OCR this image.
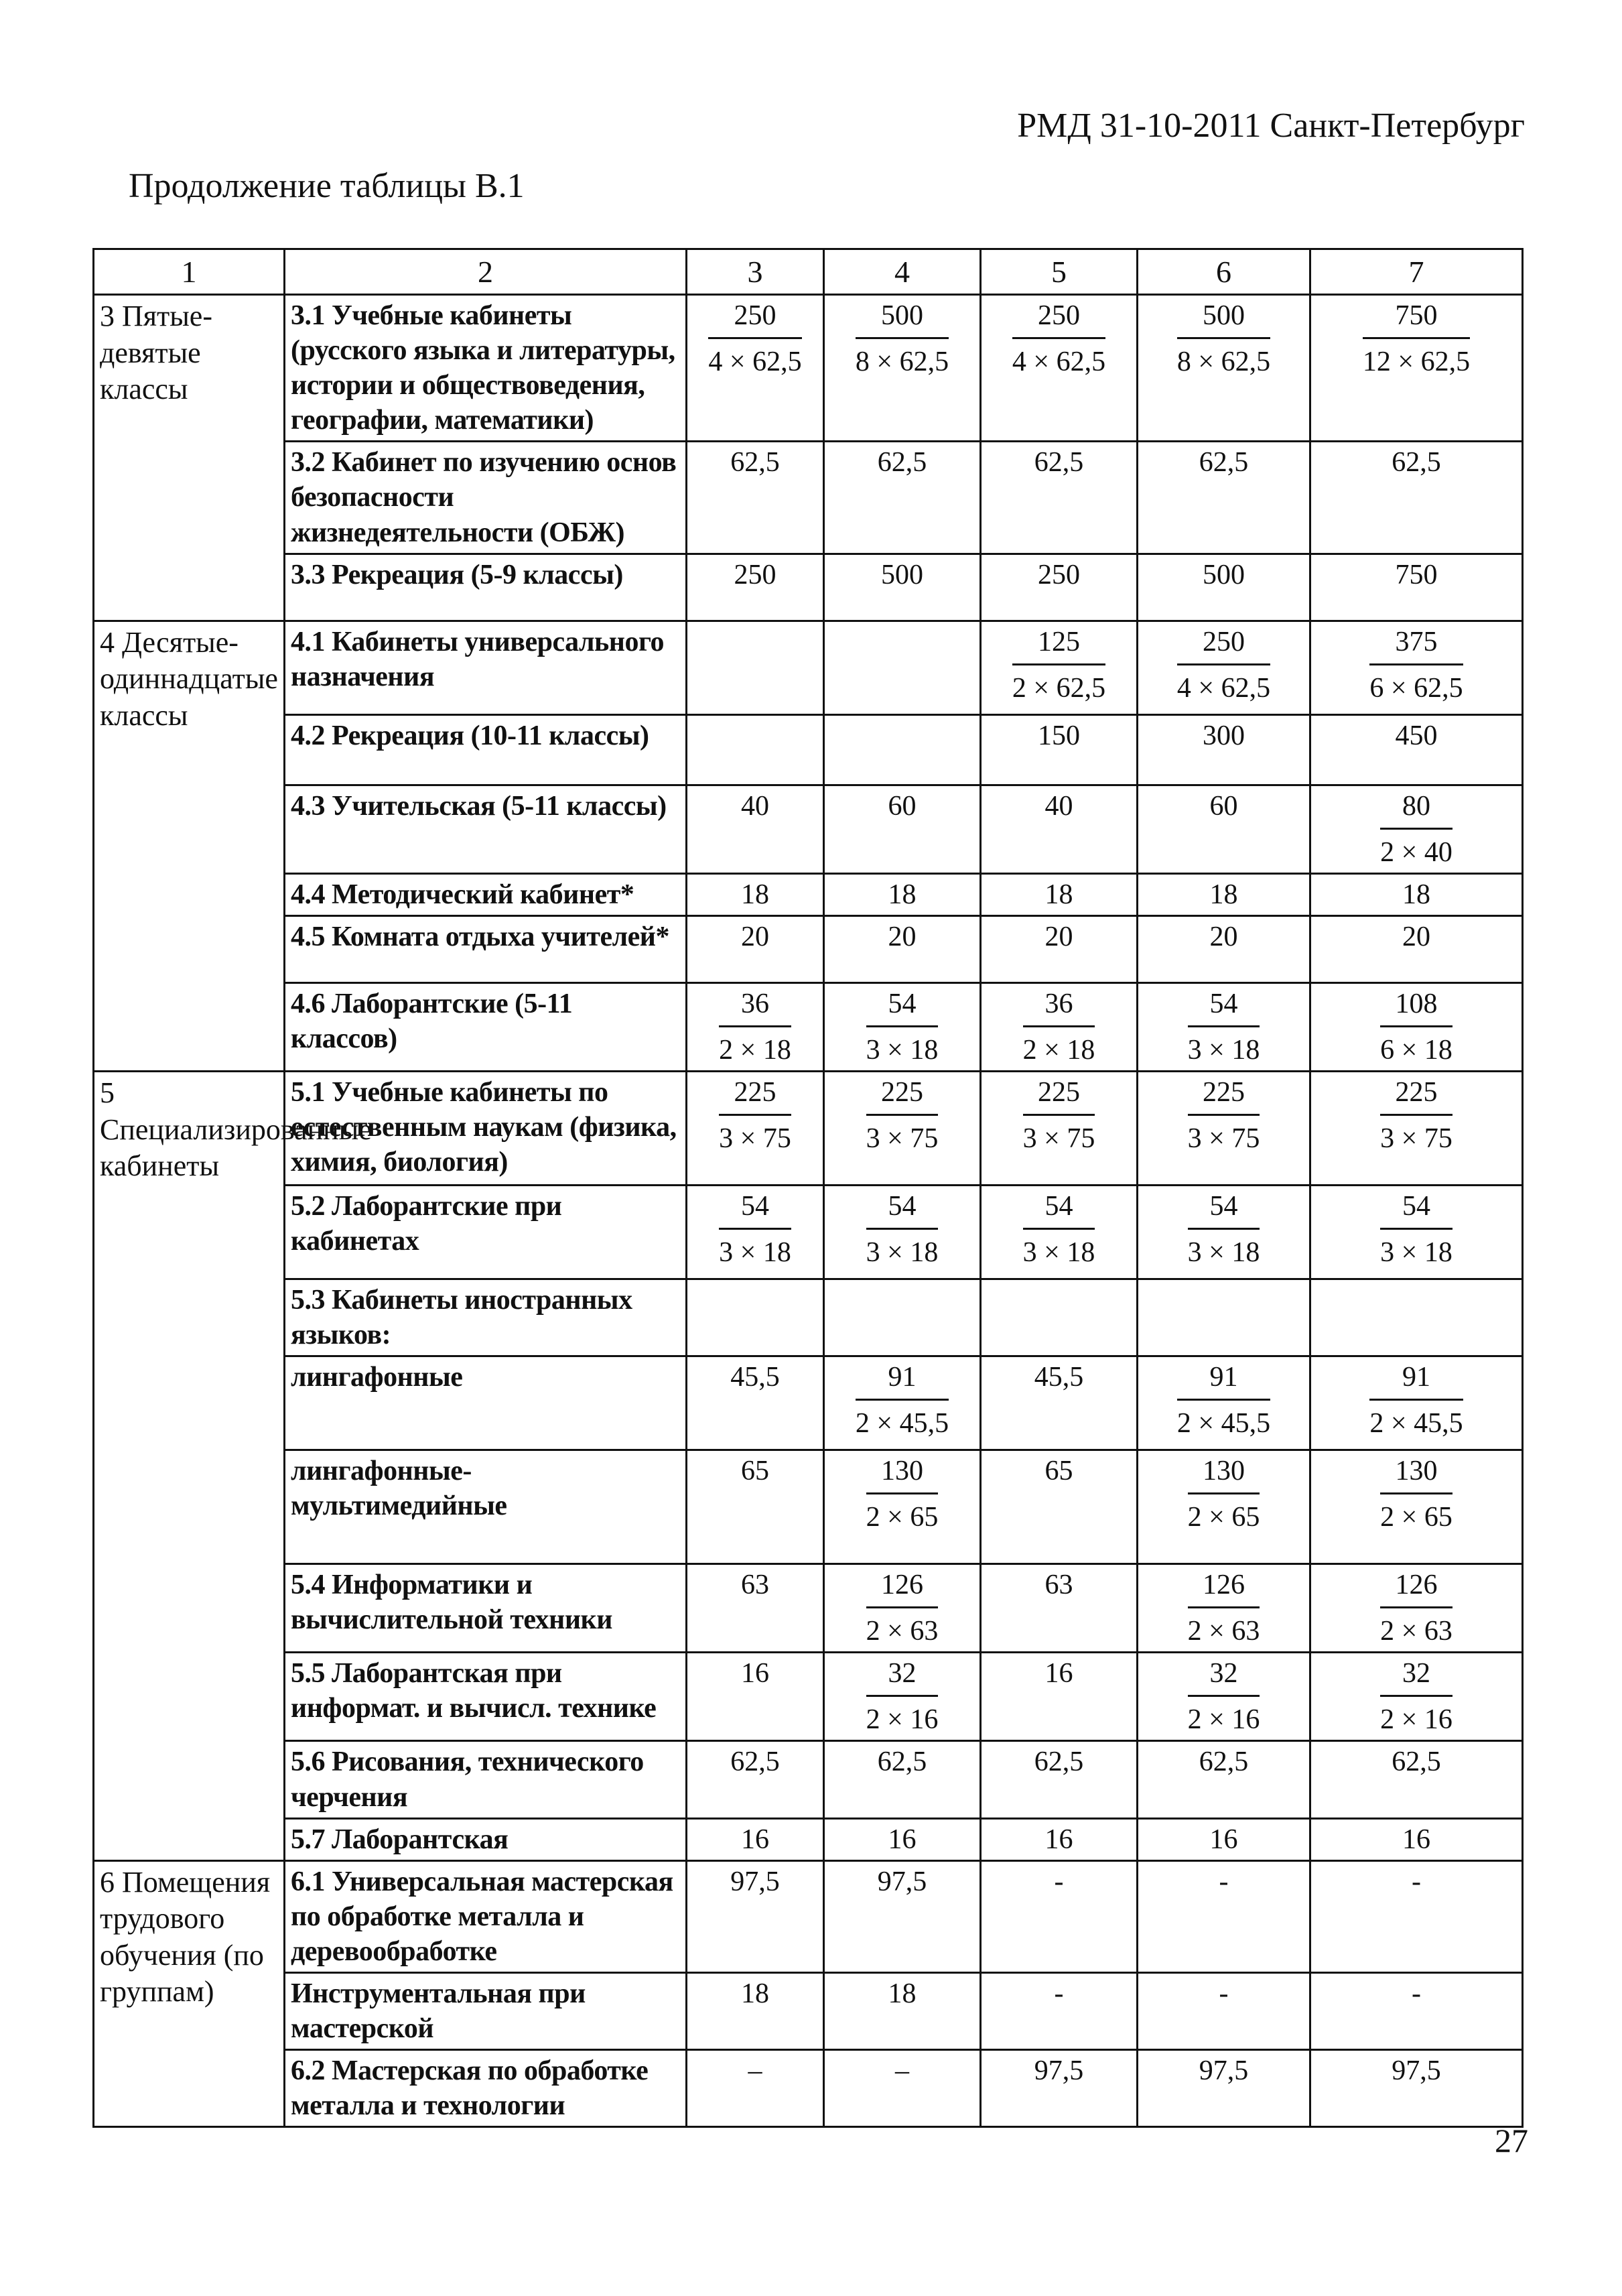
РМД 31-10-2011 Санкт-Петербург
Продолжение таблицы В.1
1	2	3	4	5	6	7
3 Пятые-девятые классы	3.1 Учебные кабинеты (русского языка и литературы, истории и обществоведения, географии, математики)	$\frac{250}{4 \times 62,5}$	$\frac{500}{8 \times 62,5}$	$\frac{250}{4 \times 62,5}$	$\frac{500}{8 \times 62,5}$	$\frac{750}{12 \times 62,5}$

	3.2 Кабинет по изучению основ безопасности жизнедеятельности (ОБЖ)	62,5	62,5	62,5	62,5	62,5
	3.3 Рекреация (5-9 классы)	250	500	250	500	750
4 Десятые-одиннадцатые классы	4.1 Кабинеты универсального назначения			$\frac{125}{2 \times 62,5}$	$\frac{250}{4 \times 62,5}$	$\frac{375}{6 \times 62,5}$

	4.2 Рекреация (10-11 классы)			150	300	450
	4.3 Учительская (5-11 классы)	40	60	40	60	$\frac{80}{2 \times 40}$

	4.4 Методический кабинет*	18	18	18	18	18
	4.5 Комната отдыха учителей*	20	20	20	20	20
	4.6 Лаборантские (5-11 классов)	$\frac{36}{2 \times 18}$	$\frac{54}{3 \times 18}$	$\frac{36}{2 \times 18}$	$\frac{54}{3 \times 18}$	$\frac{108}{6 \times 18}$

5 Специализированные кабинеты	5.1 Учебные кабинеты по естественным наукам (физика, химия, биология)	$\frac{225}{3 \times 75}$	$\frac{225}{3 \times 75}$	$\frac{225}{3 \times 75}$	$\frac{225}{3 \times 75}$	$\frac{225}{3 \times 75}$

	5.2 Лаборантские при кабинетах	$\frac{54}{3 \times 18}$	$\frac{54}{3 \times 18}$	$\frac{54}{3 \times 18}$	$\frac{54}{3 \times 18}$	$\frac{54}{3 \times 18}$

	5.3 Кабинеты иностранных языков:					
	лингафонные	45,5	$\frac{91}{2 \times 45,5}$	45,5	$\frac{91}{2 \times 45,5}$	$\frac{91}{2 \times 45,5}$

	лингафонные- мультимедийные	65	$\frac{130}{2 \times 65}$	65	$\frac{130}{2 \times 65}$	$\frac{130}{2 \times 65}$

	5.4 Информатики и вычислительной техники	63	$\frac{126}{2 \times 63}$	63	$\frac{126}{2 \times 63}$	$\frac{126}{2 \times 63}$

	5.5 Лаборантская при информат. и вычисл. технике	16	$\frac{32}{2 \times 16}$	16	$\frac{32}{2 \times 16}$	$\frac{32}{2 \times 16}$

	5.6 Рисования, технического черчения	62,5	62,5	62,5	62,5	62,5
	5.7 Лаборантская	16	16	16	16	16
6 Помещения трудового обучения (по группам)	6.1 Универсальная мастерская по обработке металла и деревообработке	97,5	97,5	-	-	-
	Инструментальная при мастерской	18	18	-	-	-
	6.2 Мастерская по обработке металла и технологии	–	–	97,5	97,5	97,5
27
